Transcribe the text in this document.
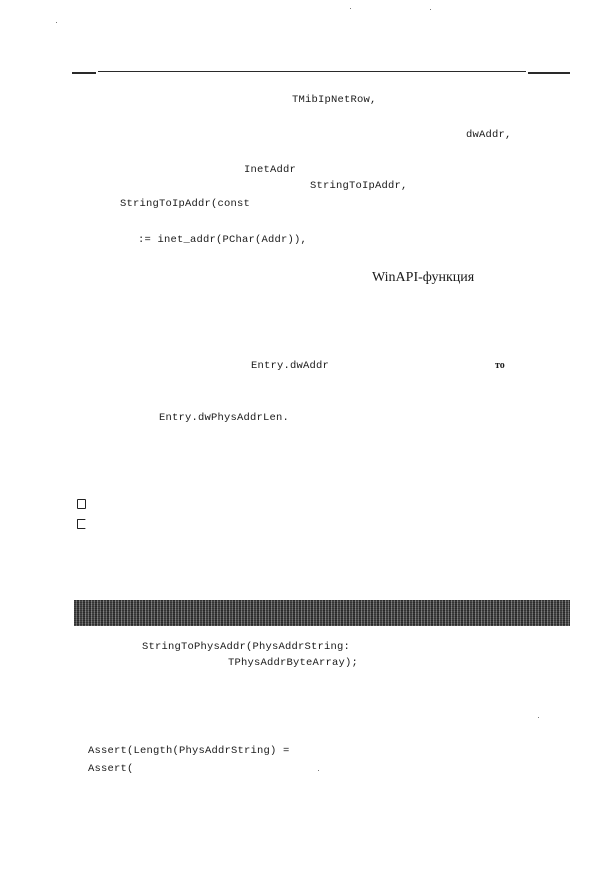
TMibIpNetRow,
dwAddr,
InetAddr
StringToIpAddr,
StringToIpAddr(const
:= inet_addr(PChar(Addr)),
WinAPI-функция
Entry.dwAddr	то
Entry.dwPhysAddrLen.
StringToPhysAddr(PhysAddrString:
TPhysAddrByteArray);
Assert(Length(PhysAddrString) =
Assert(
